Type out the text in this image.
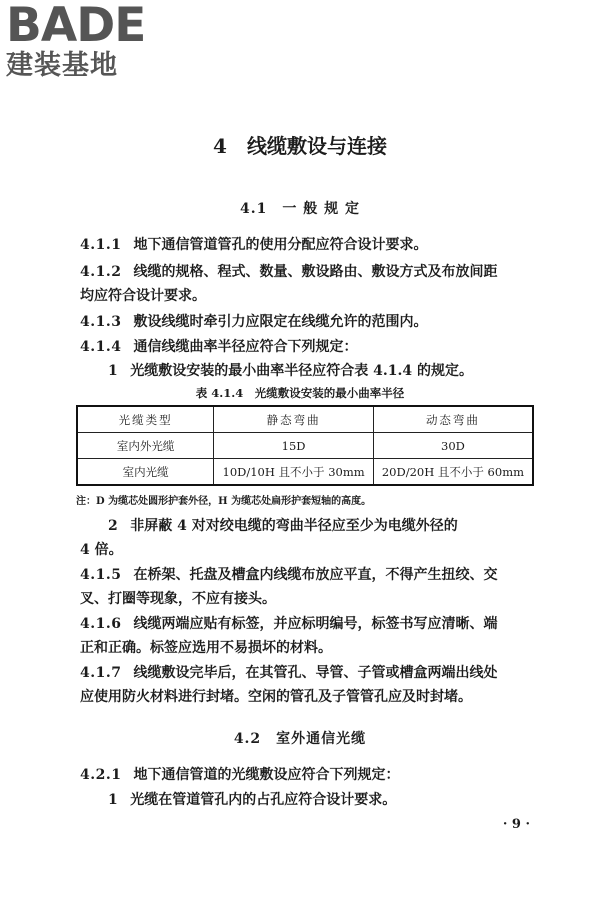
BADE
建装基地
4　线缆敷设与连接
4.1　一 般 规 定
4.1.1 地下通信管道管孔的使用分配应符合设计要求。
4.1.2 线缆的规格、程式、数量、敷设路由、敷设方式及布放间距
均应符合设计要求。
4.1.3 敷设线缆时牵引力应限定在线缆允许的范围内。
4.1.4 通信线缆曲率半径应符合下列规定：
1 光缆敷设安装的最小曲率半径应符合表 4.1.4 的规定。
表 4.1.4　光缆敷设安装的最小曲率半径
光缆类型	静态弯曲	动态弯曲
室内外光缆	15D	30D
室内光缆	10D/10H 且不小于 30mm	20D/20H 且不小于 60mm
注：D 为缆芯处圆形护套外径，H 为缆芯处扁形护套短轴的高度。
2 非屏蔽 4 对对绞电缆的弯曲半径应至少为电缆外径的
4 倍。
4.1.5 在桥架、托盘及槽盒内线缆布放应平直，不得产生扭绞、交
叉、打圈等现象，不应有接头。
4.1.6 线缆两端应贴有标签，并应标明编号，标签书写应清晰、端
正和正确。标签应选用不易损坏的材料。
4.1.7 线缆敷设完毕后，在其管孔、导管、子管或槽盒两端出线处
应使用防火材料进行封堵。空闲的管孔及子管管孔应及时封堵。
4.2　室外通信光缆
4.2.1 地下通信管道的光缆敷设应符合下列规定：
1 光缆在管道管孔内的占孔应符合设计要求。
· 9 ·
